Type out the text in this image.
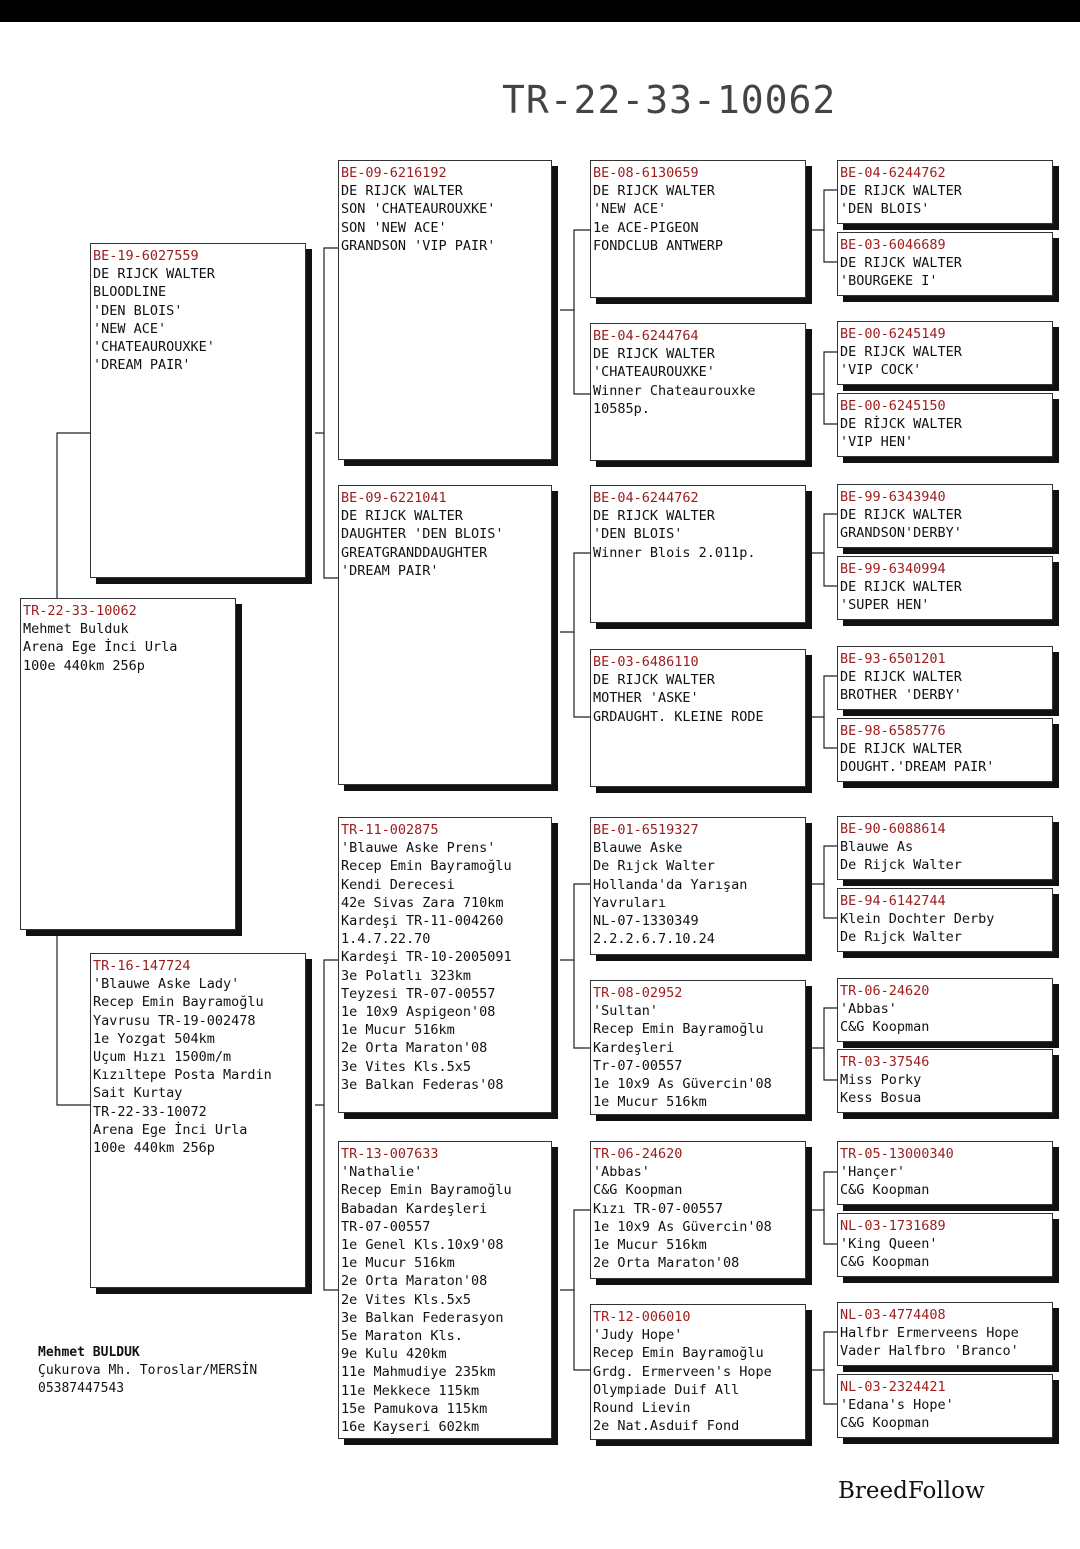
TR-22-33-10062
TR-22-33-10062
Mehmet Bulduk
Arena Ege İnci Urla
100e 440km 256p
BE-19-6027559
DE RIJCK WALTER
BLOODLINE
'DEN BLOIS'
'NEW ACE'
'CHATEAUROUXKE'
'DREAM PAIR'
TR-16-147724
'Blauwe Aske Lady'
Recep Emin Bayramoğlu
Yavrusu TR-19-002478
1e Yozgat 504km
Uçum Hızı 1500m/m
Kızıltepe Posta Mardin
Sait Kurtay
TR-22-33-10072
Arena Ege İnci Urla
100e 440km 256p
BE-09-6216192
DE RIJCK WALTER
SON 'CHATEAUROUXKE'
SON 'NEW ACE'
GRANDSON 'VIP PAIR'
BE-09-6221041
DE RIJCK WALTER
DAUGHTER 'DEN BLOIS'
GREATGRANDDAUGHTER
'DREAM PAIR'
TR-11-002875
'Blauwe Aske Prens'
Recep Emin Bayramoğlu
Kendi Derecesi
42e Sivas Zara 710km
Kardeşi TR-11-004260
1.4.7.22.70
Kardeşi TR-10-2005091
3e Polatlı 323km
Teyzesi TR-07-00557
1e 10x9 Aspigeon'08
1e Mucur 516km
2e Orta Maraton'08
3e Vites Kls.5x5
3e Balkan Federas'08
TR-13-007633
'Nathalie'
Recep Emin Bayramoğlu
Babadan Kardeşleri
TR-07-00557
1e Genel Kls.10x9'08
1e Mucur 516km
2e Orta Maraton'08
2e Vites Kls.5x5
3e Balkan Federasyon
5e Maraton Kls.
9e Kulu 420km
11e Mahmudiye 235km
11e Mekkece 115km
15e Pamukova 115km
16e Kayseri 602km
BE-08-6130659
DE RIJCK WALTER
'NEW ACE'
1e ACE-PIGEON
FONDCLUB ANTWERP
BE-04-6244764
DE RIJCK WALTER
'CHATEAUROUXKE'
Winner Chateaurouxke
10585p.
BE-04-6244762
DE RIJCK WALTER
'DEN BLOIS'
Winner Blois 2.011p.
BE-03-6486110
DE RIJCK WALTER
MOTHER 'ASKE'
GRDAUGHT. KLEINE RODE
BE-01-6519327
Blauwe Aske
De Rıjck Walter
Hollanda'da Yarışan
Yavruları
NL-07-1330349
2.2.2.6.7.10.24
TR-08-02952
'Sultan'
Recep Emin Bayramoğlu
Kardeşleri
Tr-07-00557
1e 10x9 As Güvercin'08
1e Mucur 516km
TR-06-24620
'Abbas'
C&G Koopman
Kızı TR-07-00557
1e 10x9 As Güvercin'08
1e Mucur 516km
2e Orta Maraton'08
TR-12-006010
'Judy Hope'
Recep Emin Bayramoğlu
Grdg. Ermerveen's Hope
Olympiade Duif All
Round Lievin
2e Nat.Asduif Fond
BE-04-6244762
DE RIJCK WALTER
'DEN BLOIS'
BE-03-6046689
DE RIJCK WALTER
'BOURGEKE I'
BE-00-6245149
DE RIJCK WALTER
'VIP COCK'
BE-00-6245150
DE RİJCK WALTER
'VIP HEN'
BE-99-6343940
DE RIJCK WALTER
GRANDSON'DERBY'
BE-99-6340994
DE RIJCK WALTER
'SUPER HEN'
BE-93-6501201
DE RIJCK WALTER
BROTHER 'DERBY'
BE-98-6585776
DE RIJCK WALTER
DOUGHT.'DREAM PAIR'
BE-90-6088614
Blauwe As
De Rijck Walter
BE-94-6142744
Klein Dochter Derby
De Rıjck Walter
TR-06-24620
'Abbas'
C&G Koopman
TR-03-37546
Miss Porky
Kess Bosua
TR-05-13000340
'Hançer'
C&G Koopman
NL-03-1731689
'King Queen'
C&G Koopman
NL-03-4774408
Halfbr Ermerveens Hope
Vader Halfbro 'Branco'
NL-03-2324421
'Edana's Hope'
C&G Koopman
Mehmet BULDUK
Çukurova Mh. Toroslar/MERSİN
05387447543
BreedFollow
